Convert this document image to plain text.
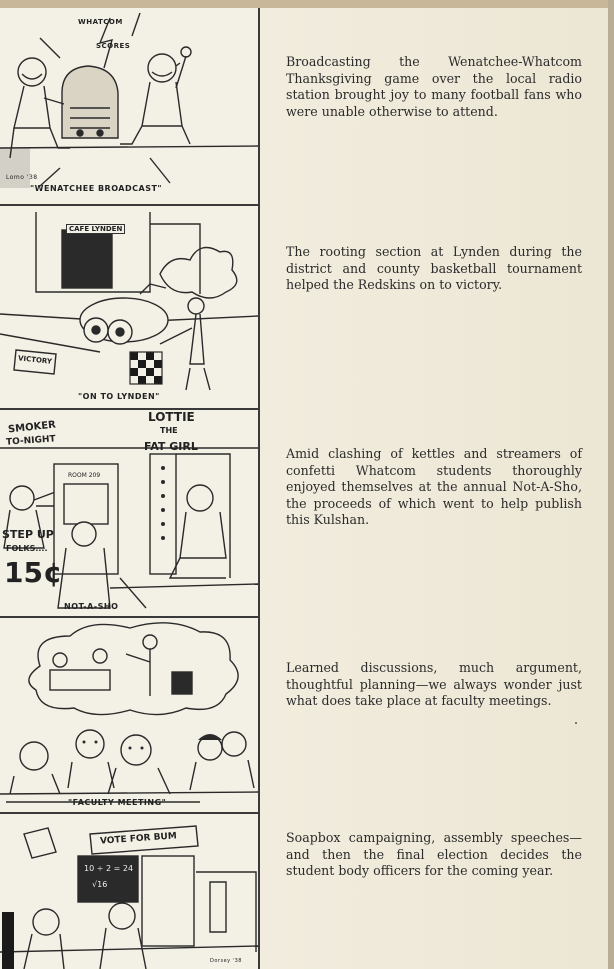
WHATCOM
SCORES
Lomo '38
"WENATCHEE BROADCAST"
CAFE LYNDEN
VICTORY
"ON TO LYNDEN"
SMOKER
TO-NIGHT
LOTTIE
THE
FAT GIRL
ROOM 209
STEP UP
FOLKS....
15¢
NOT-A-SHO
"FACULTY MEETING"
VOTE FOR BUM
10 ÷ 2 = 24
√16
Dorsey '38

Broadcasting the Wenatchee-Whatcom Thanksgiving game over the local radio station brought joy to many football fans who were unable otherwise to attend.

The rooting section at Lynden during the district and county basketball tournament helped the Redskins on to victory.

Amid clashing of kettles and streamers of confetti Whatcom students thoroughly enjoyed themselves at the annual Not-A-Sho, the proceeds of which went to help publish this Kulshan.

Learned discussions, much argument, thoughtful planning—we always wonder just what does take place at faculty meetings.

Soapbox campaigning, assembly speeches—and then the final election decides the student body officers for the coming year.
